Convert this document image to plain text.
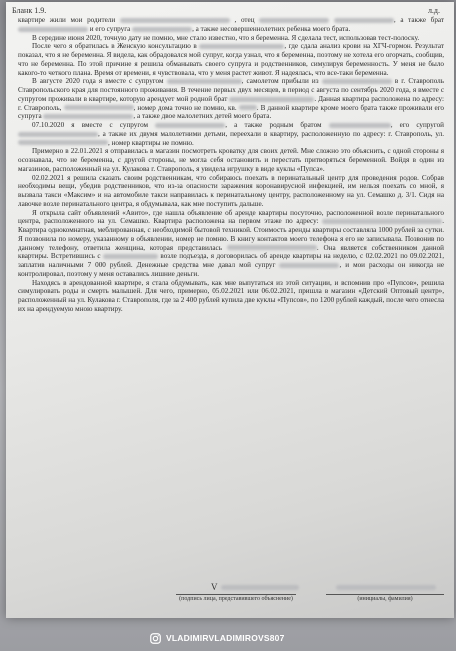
Бланк 1.9.	л.д.

квартире жили мои родители	, отец	, а также брат  и его супруга	, а также несовершеннолетних ребенка моего брата.

В середине июня 2020, точную дату не помню, мне стало известно, что я беременна. Я сделала тест, использовав тест-полоску.

После чего я обратилась в Женскую консультацию в	, где сдала анализ крови на ХГЧ-гормон. Результат показал, что я не беременна. Я видела, как обрадовался мой супруг, когда узнал, что я беременна, поэтому не хотела его огорчать, сообщив, что не беременна. По этой причине я решила обманывать своего супруга и родственников, симулируя беременность. У меня не было какого-то четкого плана. Время от времени, я чувствовала, что у меня растет живот. Я надеялась, что все-таки беременна.

В августе 2020 года я вместе с супругом	, самолетом прибыли из	в г. Ставрополь Ставропольского края для постоянного проживания. В течение первых двух месяцев, в период с августа по сентябрь 2020 года, я вместе с супругом проживали в квартире, которую арендует мой родной брат	. Данная квартира расположена по адресу: г. Ставрополь,	, номер дома точно не помню, кв.	. В данной квартире кроме моего брата также проживали его супруга	, а также двое малолетних детей моего брата.

07.10.2020 я вместе с супругом	, а также родным братом	, его супругой , а также их двумя малолетними детьми, переехали в квартиру, расположенную по адресу: г. Ставрополь, ул. , номер квартиры не помню.

Примерно в 22.01.2021 я отправилась в магазин посмотреть кроватку для своих детей. Мне сложно это объяснить, с одной стороны я осознавала, что не беременна, с другой стороны, не могла себя остановить и перестать притворяться беременной. Войдя в один из магазинов, расположенный на ул. Кулакова г. Ставрополь, я увидела игрушку в виде куклы «Пупса».

02.02.2021 я решила сказать своим родственникам, что собираюсь поехать в перинатальный центр для проведения родов. Собрав необходимы вещи, убедив родственников, что из-за опасности заражения коронавирусной инфекцией, им нельзя поехать со мной, я вызвала такси «Максим» и на автомобиле такси направилась к перинатальному центру, расположенному на ул. Семашко д. 3/1. Сидя на лавочке возле перинатального центра, я обдумывала, как мне поступить дальше.

Я открыла сайт объявлений «Авито», где нашла объявление об аренде квартиры посуточно, расположенной возле перинатального центра, расположенного на ул. Семашко. Квартира расположена на первом этаже по адресу:	. Квартира однокомнатная, меблированная, с необходимой бытовой техникой. Стоимость аренды квартиры составляла 1000 рублей за сутки. Я позвонила по номеру, указанному в объявлении, номер не помню. В книгу контактов моего телефона я его не записывала. Позвонив по данному телефону, ответила женщина, которая представилась	. Она является собственником данной квартиры. Встретившись с	возле подъезда, я договорилась об аренде квартиры на неделю, с 02.02.2021 по 09.02.2021, заплатив наличными 7 000 рублей. Денежные средства мне давал мой супруг	, и мои расходы он никогда не контролировал, поэтому у меня оставались лишние деньги.

Находясь в арендованной квартире, я стала обдумывать, как мне выпутаться из этой ситуации, и вспомнив про «Пупсов», решила симулировать роды и смерть малышей. Для чего, примерно, 05.02.2021 или 06.02.2021, пришла в магазин «Детский Оптовый центр», расположенный на ул. Кулакова г. Ставрополя, где за 2 400 рублей купила две куклы «Пупсов», по 1200 рублей каждый, после чего отнесла их на арендуемую мною квартиру.

V
(подпись лица, представившего объяснение)	(инициалы, фамилия)
VLADIMIRVLADIMIROVS807
